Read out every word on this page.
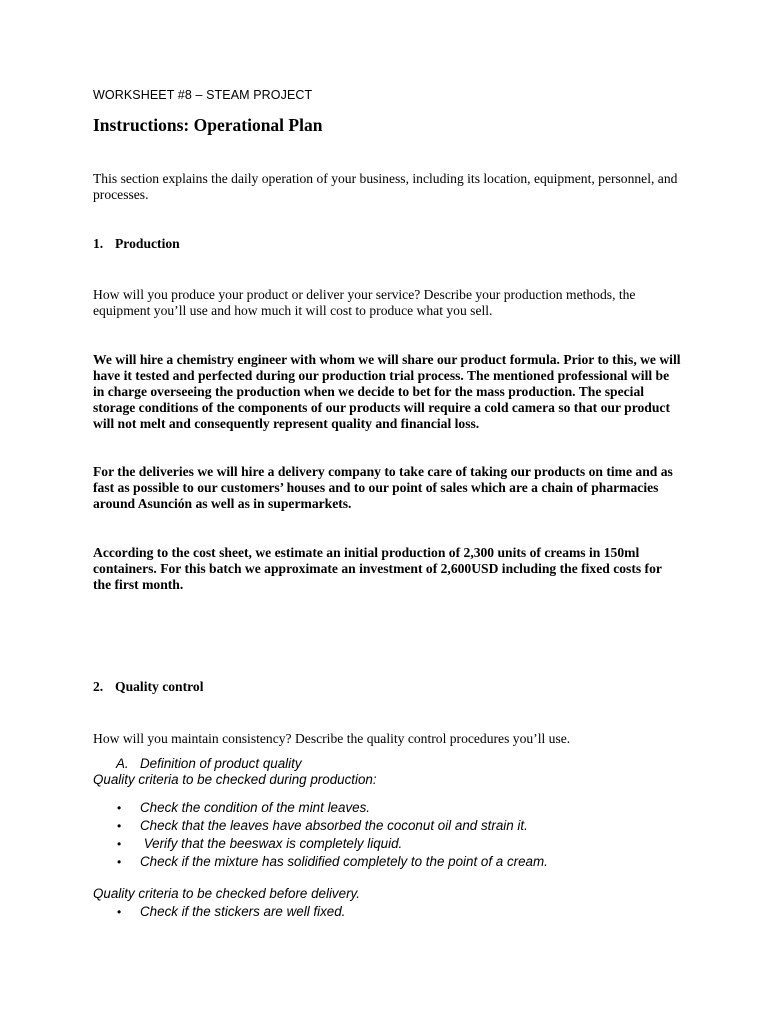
WORKSHEET #8 – STEAM PROJECT
Instructions: Operational Plan
This section explains the daily operation of your business, including its location, equipment, personnel, and processes.
1. Production
How will you produce your product or deliver your service? Describe your production methods, the equipment you’ll use and how much it will cost to produce what you sell.
We will hire a chemistry engineer with whom we will share our product formula. Prior to this, we will have it tested and perfected during our production trial process. The mentioned professional will be in charge overseeing the production when we decide to bet for the mass production. The special storage conditions of the components of our products will require a cold camera so that our product will not melt and consequently represent quality and financial loss.
For the deliveries we will hire a delivery company to take care of taking our products on time and as fast as possible to our customers’ houses and to our point of sales which are a chain of pharmacies around Asunción as well as in supermarkets.
According to the cost sheet, we estimate an initial production of 2,300 units of creams in 150ml containers. For this batch we approximate an investment of 2,600USD including the fixed costs for the first month.
2. Quality control
How will you maintain consistency? Describe the quality control procedures you’ll use.
A. Definition of product quality
Quality criteria to be checked during production:
• Check the condition of the mint leaves.
• Check that the leaves have absorbed the coconut oil and strain it.
• Verify that the beeswax is completely liquid.
• Check if the mixture has solidified completely to the point of a cream.
Quality criteria to be checked before delivery.
• Check if the stickers are well fixed.
